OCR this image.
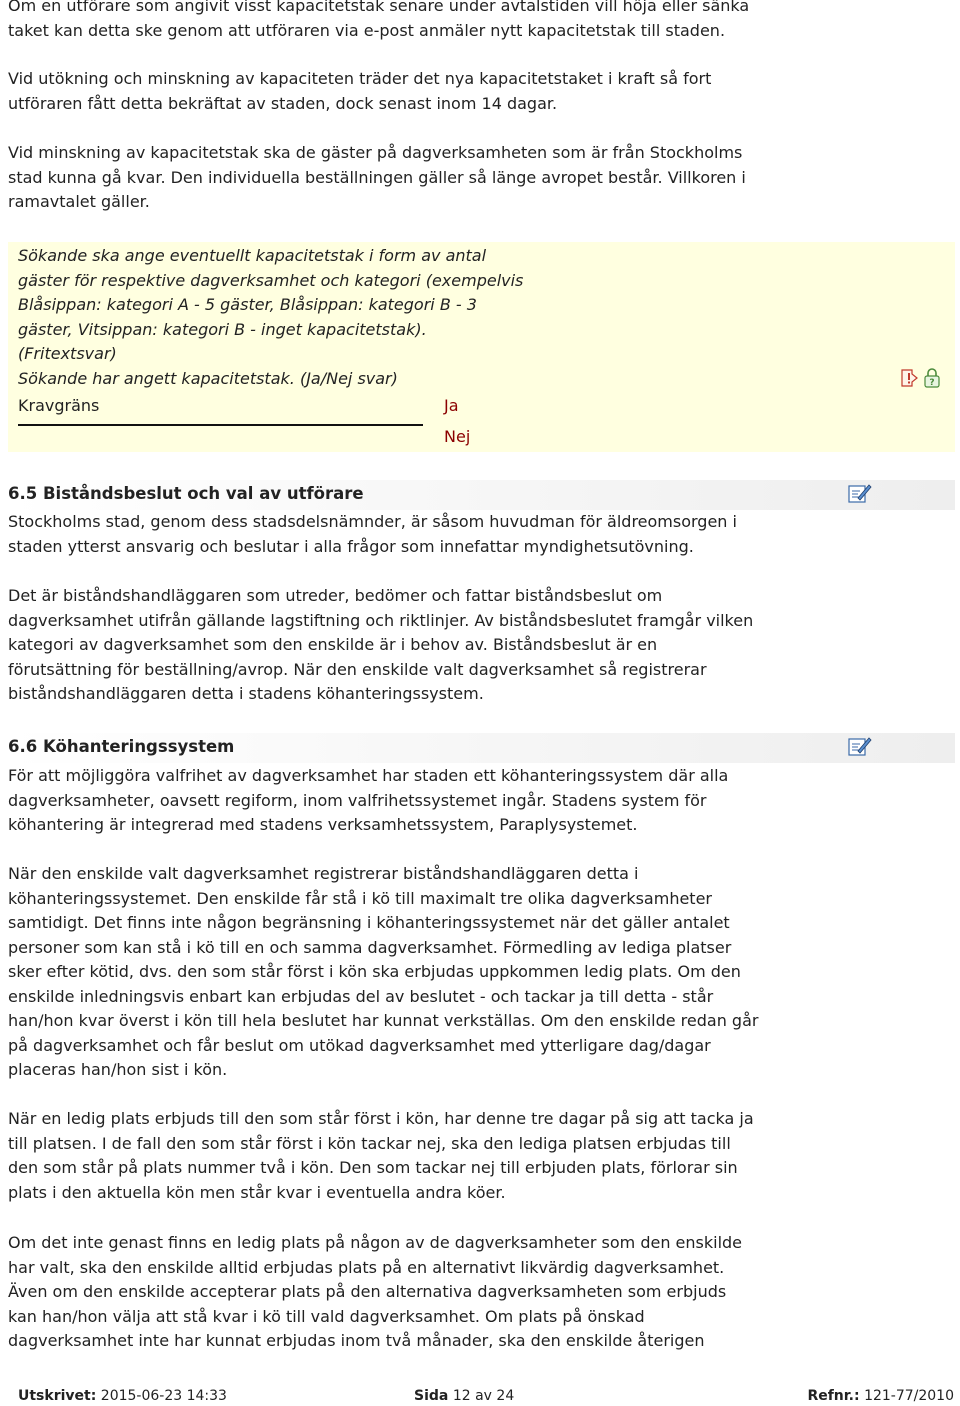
Om en utförare som angivit visst kapacitetstak senare under avtalstiden vill höja eller sänka
taket kan detta ske genom att utföraren via e-post anmäler nytt kapacitetstak till staden.

Vid utökning och minskning av kapaciteten träder det nya kapacitetstaket i kraft så fort
utföraren fått detta bekräftat av staden, dock senast inom 14 dagar.

Vid minskning av kapacitetstak ska de gäster på dagverksamheten som är från Stockholms
stad kunna gå kvar. Den individuella beställningen gäller så länge avropet består. Villkoren i
ramavtalet gäller.

Sökande ska ange eventuellt kapacitetstak i form av antal
gäster för respektive dagverksamhet och kategori (exempelvis
Blåsippan: kategori A - 5 gäster, Blåsippan: kategori B - 3
gäster, Vitsippan: kategori B - inget kapacitetstak).
(Fritextsvar)
Sökande har angett kapacitetstak. (Ja/Nej svar)
Kravgräns	Ja
Nej
?
6.5 Biståndsbeslut och val av utförare

Stockholms stad, genom dess stadsdelsnämnder, är såsom huvudman för äldreomsorgen i
staden ytterst ansvarig och beslutar i alla frågor som innefattar myndighetsutövning.

Det är biståndshandläggaren som utreder, bedömer och fattar biståndsbeslut om
dagverksamhet utifrån gällande lagstiftning och riktlinjer. Av biståndsbeslutet framgår vilken
kategori av dagverksamhet som den enskilde är i behov av. Biståndsbeslut är en
förutsättning för beställning/avrop. När den enskilde valt dagverksamhet så registrerar
biståndshandläggaren detta i stadens köhanteringssystem.

6.6 Köhanteringssystem

För att möjliggöra valfrihet av dagverksamhet har staden ett köhanteringssystem där alla
dagverksamheter, oavsett regiform, inom valfrihetssystemet ingår. Stadens system för
köhantering är integrerad med stadens verksamhetssystem, Paraplysystemet.

När den enskilde valt dagverksamhet registrerar biståndshandläggaren detta i
köhanteringssystemet. Den enskilde får stå i kö till maximalt tre olika dagverksamheter
samtidigt. Det finns inte någon begränsning i köhanteringssystemet när det gäller antalet
personer som kan stå i kö till en och samma dagverksamhet. Förmedling av lediga platser
sker efter kötid, dvs. den som står först i kön ska erbjudas uppkommen ledig plats. Om den
enskilde inledningsvis enbart kan erbjudas del av beslutet - och tackar ja till detta - står
han/hon kvar överst i kön till hela beslutet har kunnat verkställas. Om den enskilde redan går
på dagverksamhet och får beslut om utökad dagverksamhet med ytterligare dag/dagar
placeras han/hon sist i kön.

När en ledig plats erbjuds till den som står först i kön, har denne tre dagar på sig att tacka ja
till platsen. I de fall den som står först i kön tackar nej, ska den lediga platsen erbjudas till
den som står på plats nummer två i kön. Den som tackar nej till erbjuden plats, förlorar sin
plats i den aktuella kön men står kvar i eventuella andra köer.

Om det inte genast finns en ledig plats på någon av de dagverksamheter som den enskilde
har valt, ska den enskilde alltid erbjudas plats på en alternativt likvärdig dagverksamhet.
Även om den enskilde accepterar plats på den alternativa dagverksamheten som erbjuds
kan han/hon välja att stå kvar i kö till vald dagverksamhet. Om plats på önskad
dagverksamhet inte har kunnat erbjudas inom två månader, ska den enskilde återigen

Utskrivet: 2015-06-23 14:33	Sida 12 av 24	Refnr.: 121-77/2010
